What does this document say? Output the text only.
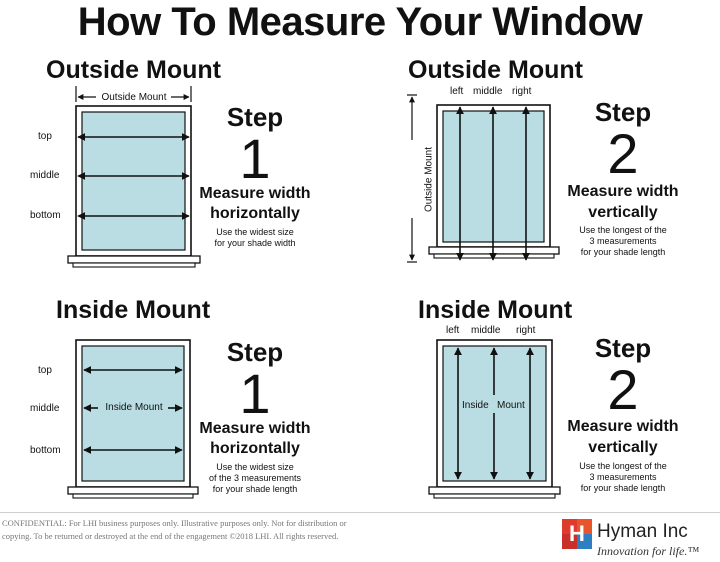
How To Measure Your Window
Outside Mount
Outside Mount
top
middle
bottom
Step
1
Measure width
horizontally
Use the widest size
for your shade width
Outside Mount
left middle right
Outside Mount
Step
2
Measure width
vertically
Use the longest of the
3 measurements
for your shade length
Inside Mount
Inside Mount
top
middle
bottom
Step
1
Measure width
horizontally
Use the widest size
of the 3 measurements
for your shade length
Inside Mount
left middle right
Inside Mount
Step
2
Measure width
vertically
Use the longest of the
3 measurements
for your shade length
CONFIDENTIAL: For LHI business purposes only. Illustrative purposes only. Not for distribution or
copying. To be returned or destroyed at the end of the engagement ©2018 LHI. All rights reserved.	H Hyman Inc
Innovation for life.™
